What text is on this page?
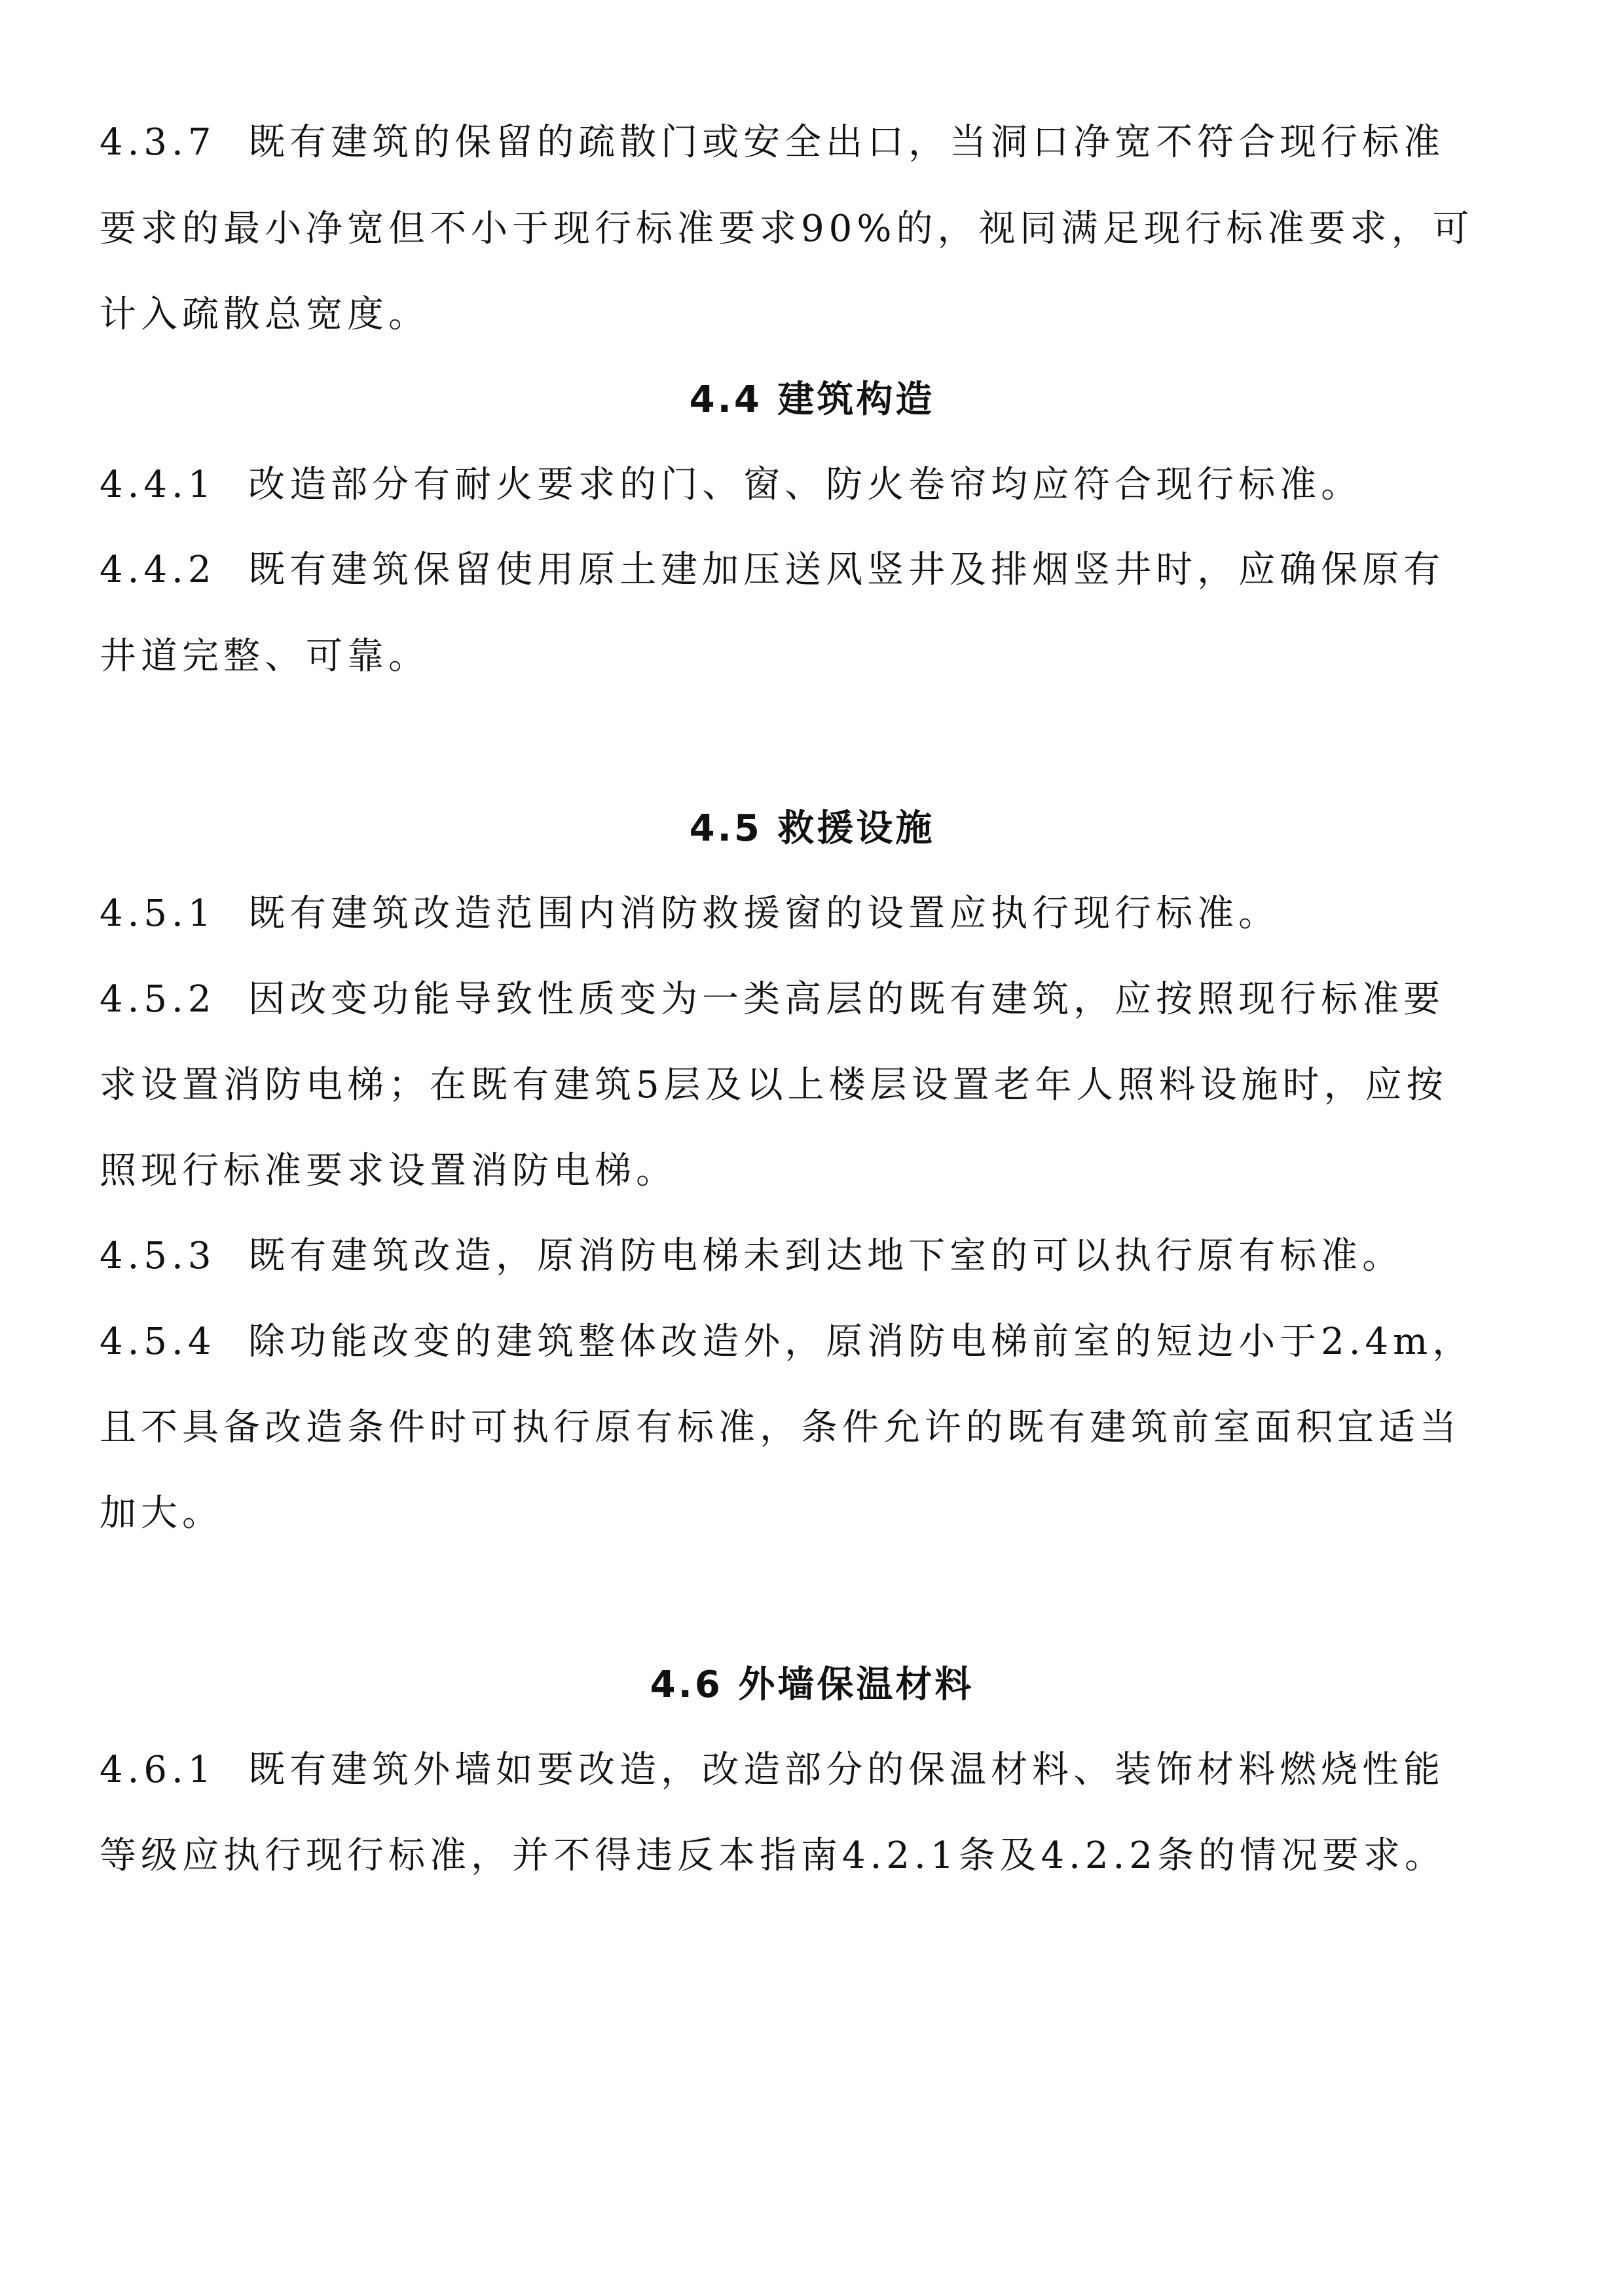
4.3.7  既有建筑的保留的疏散门或安全出口，当洞口净宽不符合现行标准
要求的最小净宽但不小于现行标准要求90%的，视同满足现行标准要求，可
计入疏散总宽度。
4.4 建筑构造
4.4.1  改造部分有耐火要求的门、窗、防火卷帘均应符合现行标准。
4.4.2  既有建筑保留使用原土建加压送风竖井及排烟竖井时，应确保原有
井道完整、可靠。
4.5 救援设施
4.5.1  既有建筑改造范围内消防救援窗的设置应执行现行标准。
4.5.2  因改变功能导致性质变为一类高层的既有建筑，应按照现行标准要
求设置消防电梯；在既有建筑5层及以上楼层设置老年人照料设施时，应按
照现行标准要求设置消防电梯。
4.5.3  既有建筑改造，原消防电梯未到达地下室的可以执行原有标准。
4.5.4  除功能改变的建筑整体改造外，原消防电梯前室的短边小于2.4m，
且不具备改造条件时可执行原有标准，条件允许的既有建筑前室面积宜适当
加大。
4.6 外墙保温材料
4.6.1  既有建筑外墙如要改造，改造部分的保温材料、装饰材料燃烧性能
等级应执行现行标准，并不得违反本指南4.2.1条及4.2.2条的情况要求。
